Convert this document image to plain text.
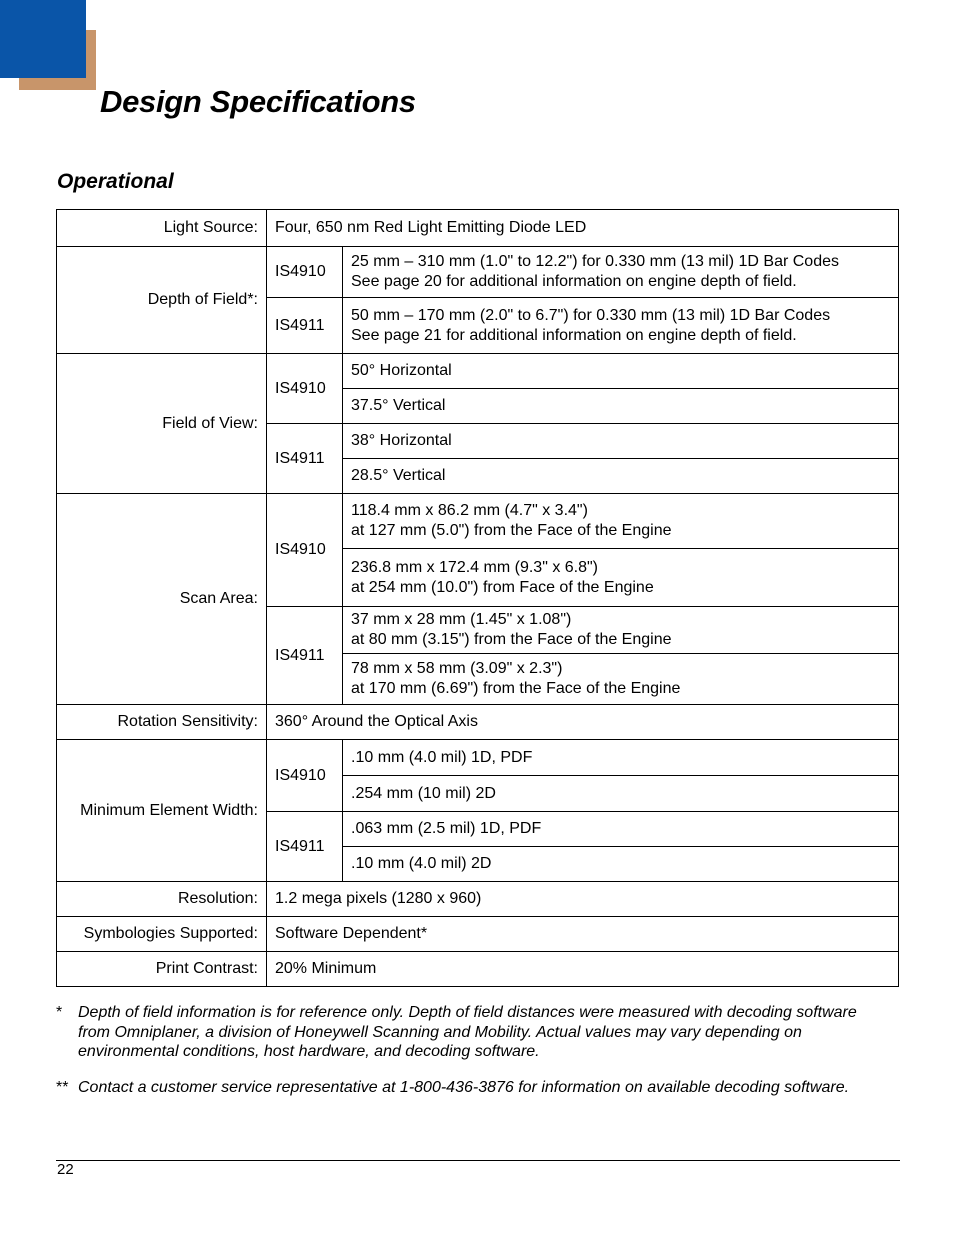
Design Specifications
Operational
Light Source:	Four, 650 nm Red Light Emitting Diode LED	
Depth of Field*:	IS4910	25 mm – 310 mm (1.0" to 12.2") for 0.330 mm (13 mil) 1D Bar Codes
See page 20 for additional information on engine depth of field.

	IS4911	50 mm – 170 mm (2.0" to 6.7") for 0.330 mm (13 mil) 1D Bar Codes
See page 21 for additional information on engine depth of field.

Field of View:	IS4910	50° Horizontal
		37.5° Vertical
	IS4911	38° Horizontal
		28.5° Vertical
Scan Area:	IS4910	118.4 mm x 86.2 mm (4.7" x 3.4")
at 127 mm (5.0") from the Face of the Engine

		236.8 mm x 172.4 mm (9.3" x 6.8")
at 254 mm (10.0") from Face of the Engine

	IS4911	37 mm x 28 mm (1.45" x 1.08")
at 80 mm (3.15") from the Face of the Engine

		78 mm x 58 mm (3.09" x 2.3")
at 170 mm (6.69") from the Face of the Engine

Rotation Sensitivity:	360° Around the Optical Axis	
Minimum Element Width:	IS4910	.10 mm (4.0 mil) 1D, PDF
		.254 mm (10 mil) 2D
	IS4911	.063 mm (2.5 mil) 1D, PDF
		.10 mm (4.0 mil) 2D
Resolution:	1.2 mega pixels (1280 x 960)	
Symbologies Supported:	Software Dependent*	
Print Contrast:	20% Minimum	
* Depth of field information is for reference only. Depth of field distances were measured with decoding software from Omniplaner, a division of Honeywell Scanning and Mobility. Actual values may vary depending on environmental conditions, host hardware, and decoding software.
** Contact a customer service representative at 1-800-436-3876 for information on available decoding software.
22
